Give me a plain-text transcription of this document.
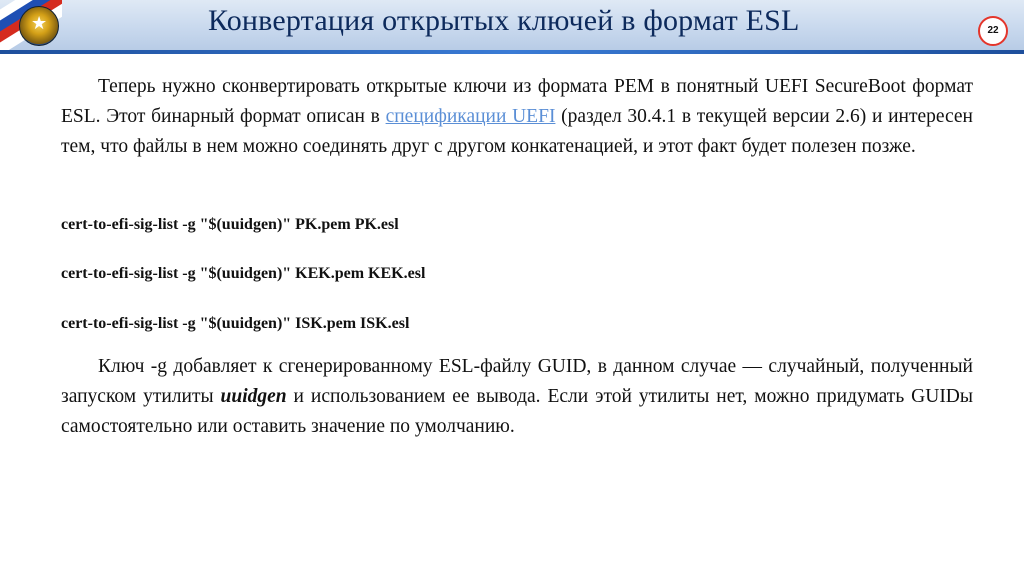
★	Конвертация открытых ключей в формат ESL	22

Теперь нужно сконвертировать открытые ключи из формата PEM в понятный UEFI SecureBoot формат ESL. Этот бинарный формат описан в спецификации UEFI (раздел 30.4.1 в текущей версии 2.6) и интересен тем, что файлы в нем можно соединять друг с другом конкатенацией, и этот факт будет полезен позже.

cert-to-efi-sig-list -g "$(uuidgen)" PK.pem PK.esl

cert-to-efi-sig-list -g "$(uuidgen)" KEK.pem KEK.esl

cert-to-efi-sig-list -g "$(uuidgen)" ISK.pem ISK.esl

Ключ -g добавляет к сгенерированному ESL-файлу GUID, в данном случае — случайный, полученный запуском утилиты uuidgen и использованием ее вывода. Если этой утилиты нет, можно придумать GUIDы самостоятельно или оставить значение по умолчанию.
